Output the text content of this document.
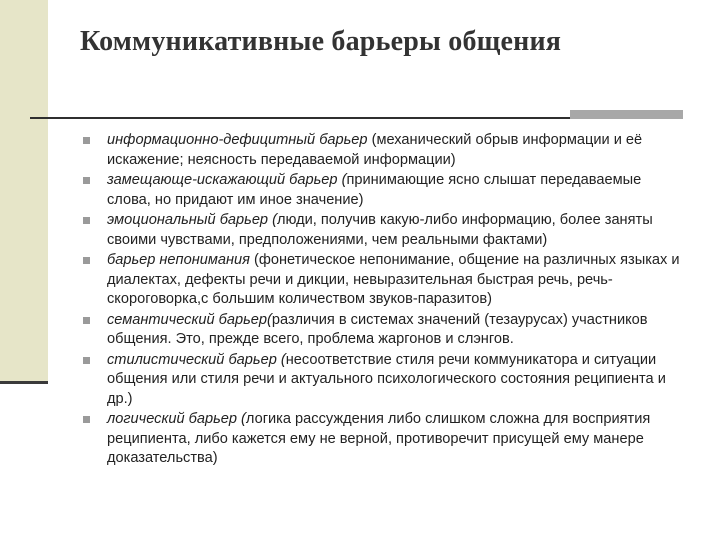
Коммуникативные барьеры общения
информационно-дефицитный барьер (механический обрыв информации и её искажение; неясность передаваемой информации)
замещающе-искажающий барьер (принимающие ясно слышат передаваемые слова, но придают им иное значение)
эмоциональный барьер (люди, получив какую-либо информацию, более заняты своими чувствами, предположениями, чем реальными фактами)
барьер непонимания (фонетическое непонимание, общение на различных языках и диалектах, дефекты речи и дикции, невыразительная быстрая речь, речь-скороговорка,с большим количеством звуков-паразитов)
семантический барьер(различия в системах значений (тезаурусах) участников общения. Это, прежде всего, проблема жаргонов и слэнгов.
стилистический барьер (несоответствие стиля речи коммуникатора и ситуации общения или стиля речи и актуального психологического состояния реципиента и др.)
логический барьер (логика рассуждения либо слишком сложна для восприятия реципиента, либо кажется ему не верной, противоречит присущей ему манере доказательства)
